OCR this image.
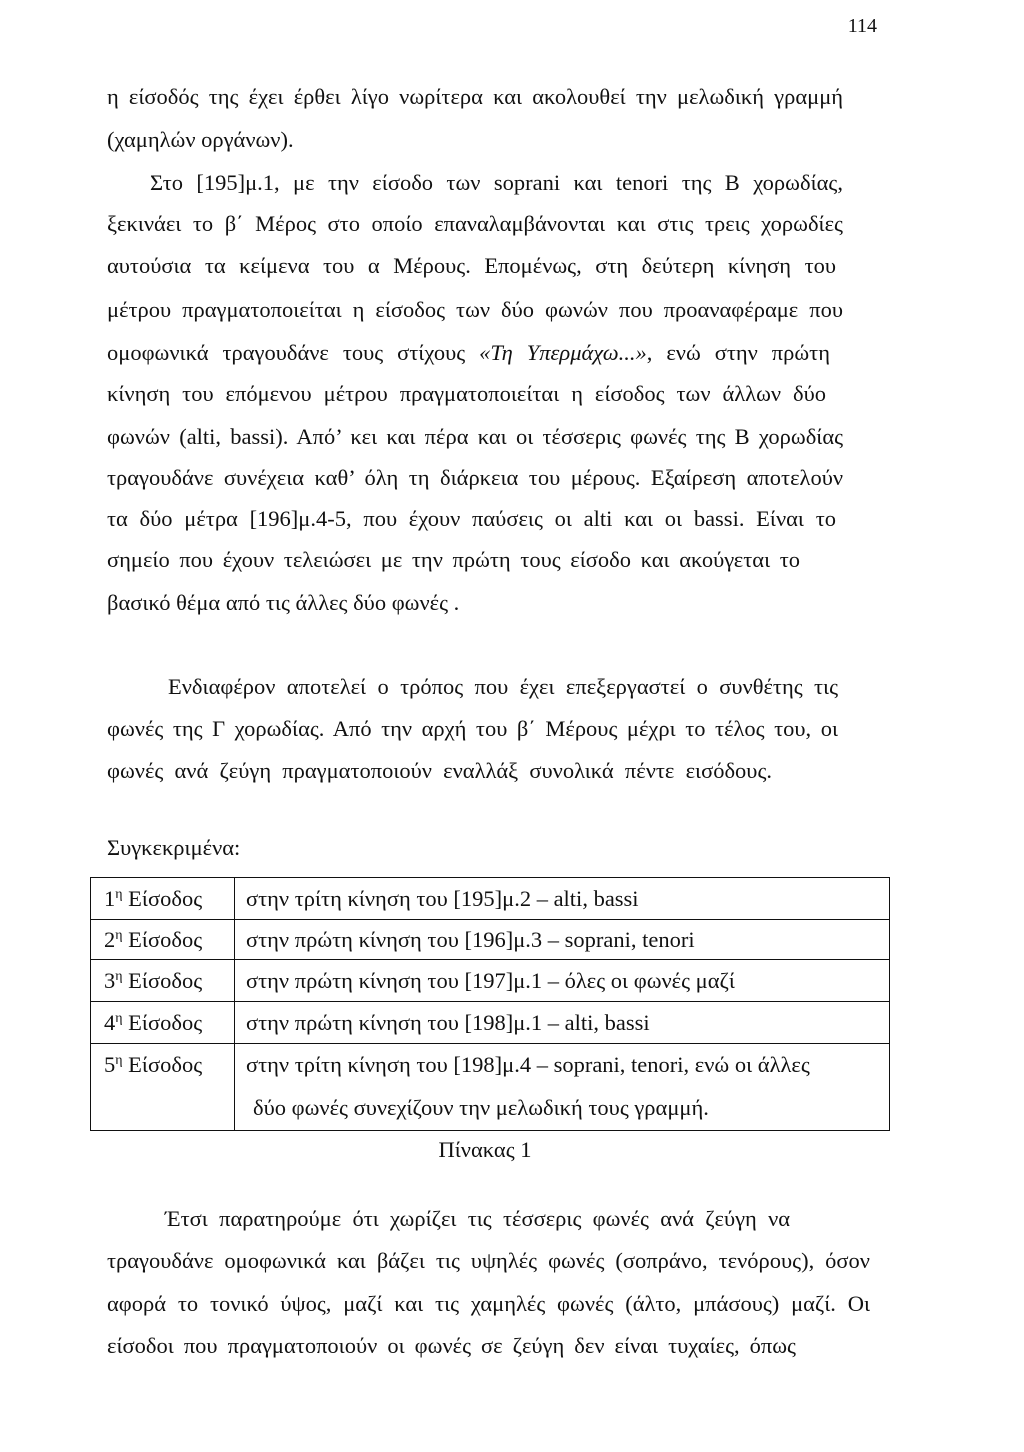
114
η είσοδός της έχει έρθει λίγο νωρίτερα και ακολουθεί την μελωδική γραμμή
(χαμηλών οργάνων).
Στο [195]μ.1, με την είσοδο των soprani και tenori της Β χορωδίας,
ξεκινάει το β΄ Μέρος στο οποίο επαναλαμβάνονται και στις τρεις χορωδίες
αυτούσια τα κείμενα του α Μέρους. Επομένως, στη δεύτερη κίνηση του
μέτρου πραγματοποιείται η είσοδος των δύο φωνών που προαναφέραμε που
ομοφωνικά τραγουδάνε τους στίχους «Τη Υπερμάχω...», ενώ στην πρώτη
κίνηση του επόμενου μέτρου πραγματοποιείται η είσοδος των άλλων δύο
φωνών (alti, bassi). Από’ κει και πέρα και οι τέσσερις φωνές της Β χορωδίας
τραγουδάνε συνέχεια καθ’ όλη τη διάρκεια του μέρους. Εξαίρεση αποτελούν
τα δύο μέτρα [196]μ.4-5, που έχουν παύσεις οι alti και οι bassi. Είναι το
σημείο που έχουν τελειώσει με την πρώτη τους είσοδο και ακούγεται το
βασικό θέμα από τις άλλες δύο φωνές .
Ενδιαφέρον αποτελεί ο τρόπος που έχει επεξεργαστεί ο συνθέτης τις
φωνές της Γ χορωδίας. Από την αρχή του β΄ Μέρους μέχρι το τέλος του, οι
φωνές ανά ζεύγη πραγματοποιούν εναλλάξ συνολικά πέντε εισόδους.
Συγκεκριμένα:
$1^\eta$ Είσοδος στην τρίτη κίνηση του [195]μ.2 – alti, bassi
$2^\eta$ Είσοδος στην πρώτη κίνηση του [196]μ.3 – soprani, tenori
$3^\eta$ Είσοδος στην πρώτη κίνηση του [197]μ.1 – όλες οι φωνές μαζί
$4^\eta$ Είσοδος στην πρώτη κίνηση του [198]μ.1 – alti, bassi
$5^\eta$ Είσοδος στην τρίτη κίνηση του [198]μ.4 – soprani, tenori, ενώ οι άλλες
δύο φωνές συνεχίζουν την μελωδική τους γραμμή.
Πίνακας 1
Έτσι παρατηρούμε ότι χωρίζει τις τέσσερις φωνές ανά ζεύγη να
τραγουδάνε ομοφωνικά και βάζει τις υψηλές φωνές (σοπράνο, τενόρους), όσον
αφορά το τονικό ύψος, μαζί και τις χαμηλές φωνές (άλτο, μπάσους) μαζί. Οι
είσοδοι που πραγματοποιούν οι φωνές σε ζεύγη δεν είναι τυχαίες, όπως
